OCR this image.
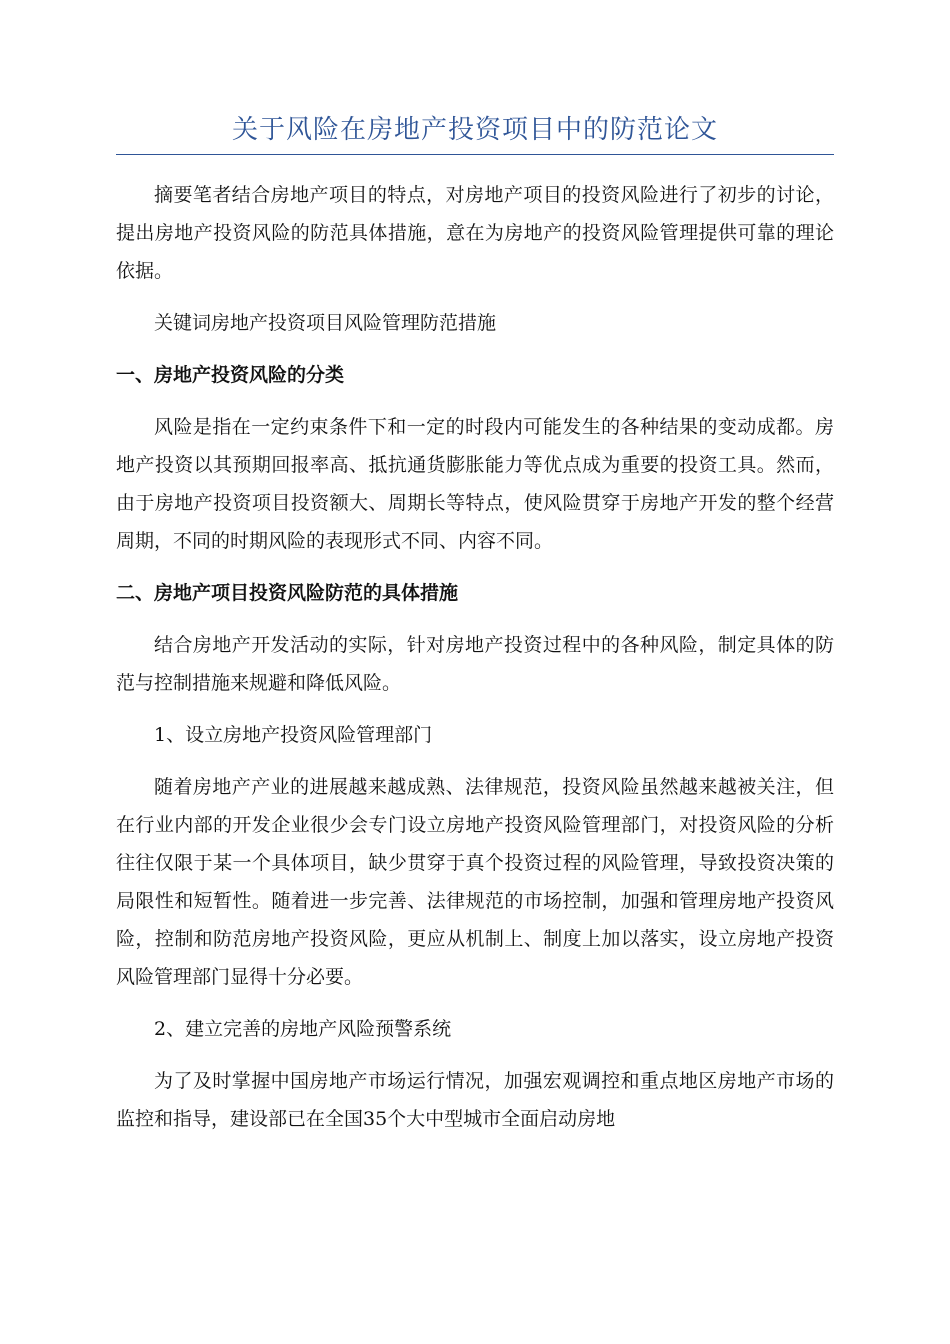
关于风险在房地产投资项目中的防范论文

摘要笔者结合房地产项目的特点，对房地产项目的投资风险进行了初步的讨论，提出房地产投资风险的防范具体措施，意在为房地产的投资风险管理提供可靠的理论依据。

关键词房地产投资项目风险管理防范措施

一、房地产投资风险的分类

风险是指在一定约束条件下和一定的时段内可能发生的各种结果的变动成都。房地产投资以其预期回报率高、抵抗通货膨胀能力等优点成为重要的投资工具。然而，由于房地产投资项目投资额大、周期长等特点，使风险贯穿于房地产开发的整个经营周期，不同的时期风险的表现形式不同、内容不同。

二、房地产项目投资风险防范的具体措施

结合房地产开发活动的实际，针对房地产投资过程中的各种风险，制定具体的防范与控制措施来规避和降低风险。

1、设立房地产投资风险管理部门

随着房地产产业的进展越来越成熟、法律规范，投资风险虽然越来越被关注，但在行业内部的开发企业很少会专门设立房地产投资风险管理部门，对投资风险的分析往往仅限于某一个具体项目，缺少贯穿于真个投资过程的风险管理，导致投资决策的局限性和短暂性。随着进一步完善、法律规范的市场控制，加强和管理房地产投资风险，控制和防范房地产投资风险，更应从机制上、制度上加以落实，设立房地产投资风险管理部门显得十分必要。

2、建立完善的房地产风险预警系统

为了及时掌握中国房地产市场运行情况，加强宏观调控和重点地区房地产市场的监控和指导，建设部已在全国35个大中型城市全面启动房地
